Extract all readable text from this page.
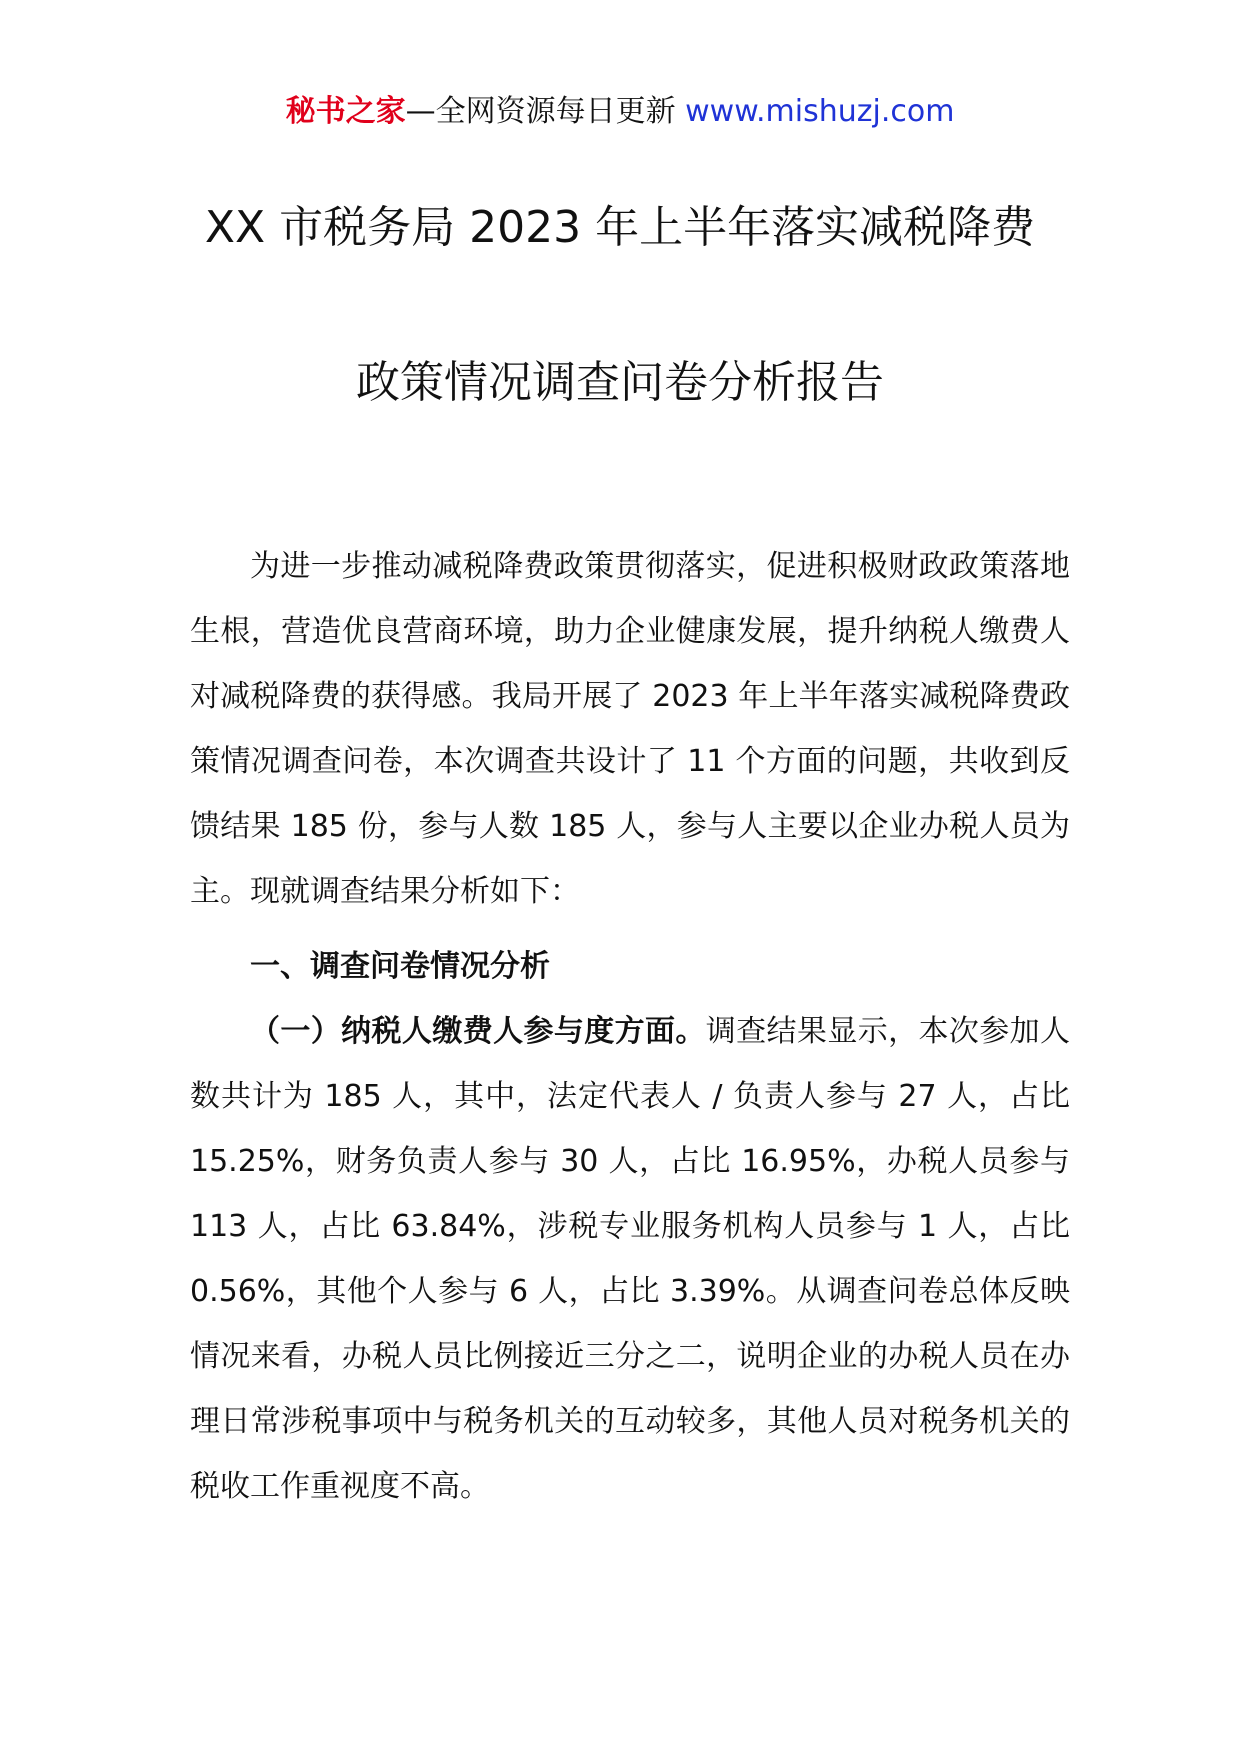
秘书之家—全网资源每日更新 www.mishuzj.com
XX 市税务局 2023 年上半年落实减税降费
政策情况调查问卷分析报告

为进一步推动减税降费政策贯彻落实，促进积极财政政策落地生根，营造优良营商环境，助力企业健康发展，提升纳税人缴费人对减税降费的获得感。我局开展了 2023 年上半年落实减税降费政策情况调查问卷，本次调查共设计了 11 个方面的问题，共收到反馈结果 185 份，参与人数 185 人，参与人主要以企业办税人员为主。现就调查结果分析如下：

一、调查问卷情况分析

（一）纳税人缴费人参与度方面。调查结果显示，本次参加人数共计为 185 人，其中，法定代表人 / 负责人参与 27 人，占比 15.25%，财务负责人参与 30 人，占比 16.95%，办税人员参与 113 人，占比 63.84%，涉税专业服务机构人员参与 1 人，占比 0.56%，其他个人参与 6 人，占比 3.39%。从调查问卷总体反映情况来看，办税人员比例接近三分之二，说明企业的办税人员在办理日常涉税事项中与税务机关的互动较多，其他人员对税务机关的税收工作重视度不高。
